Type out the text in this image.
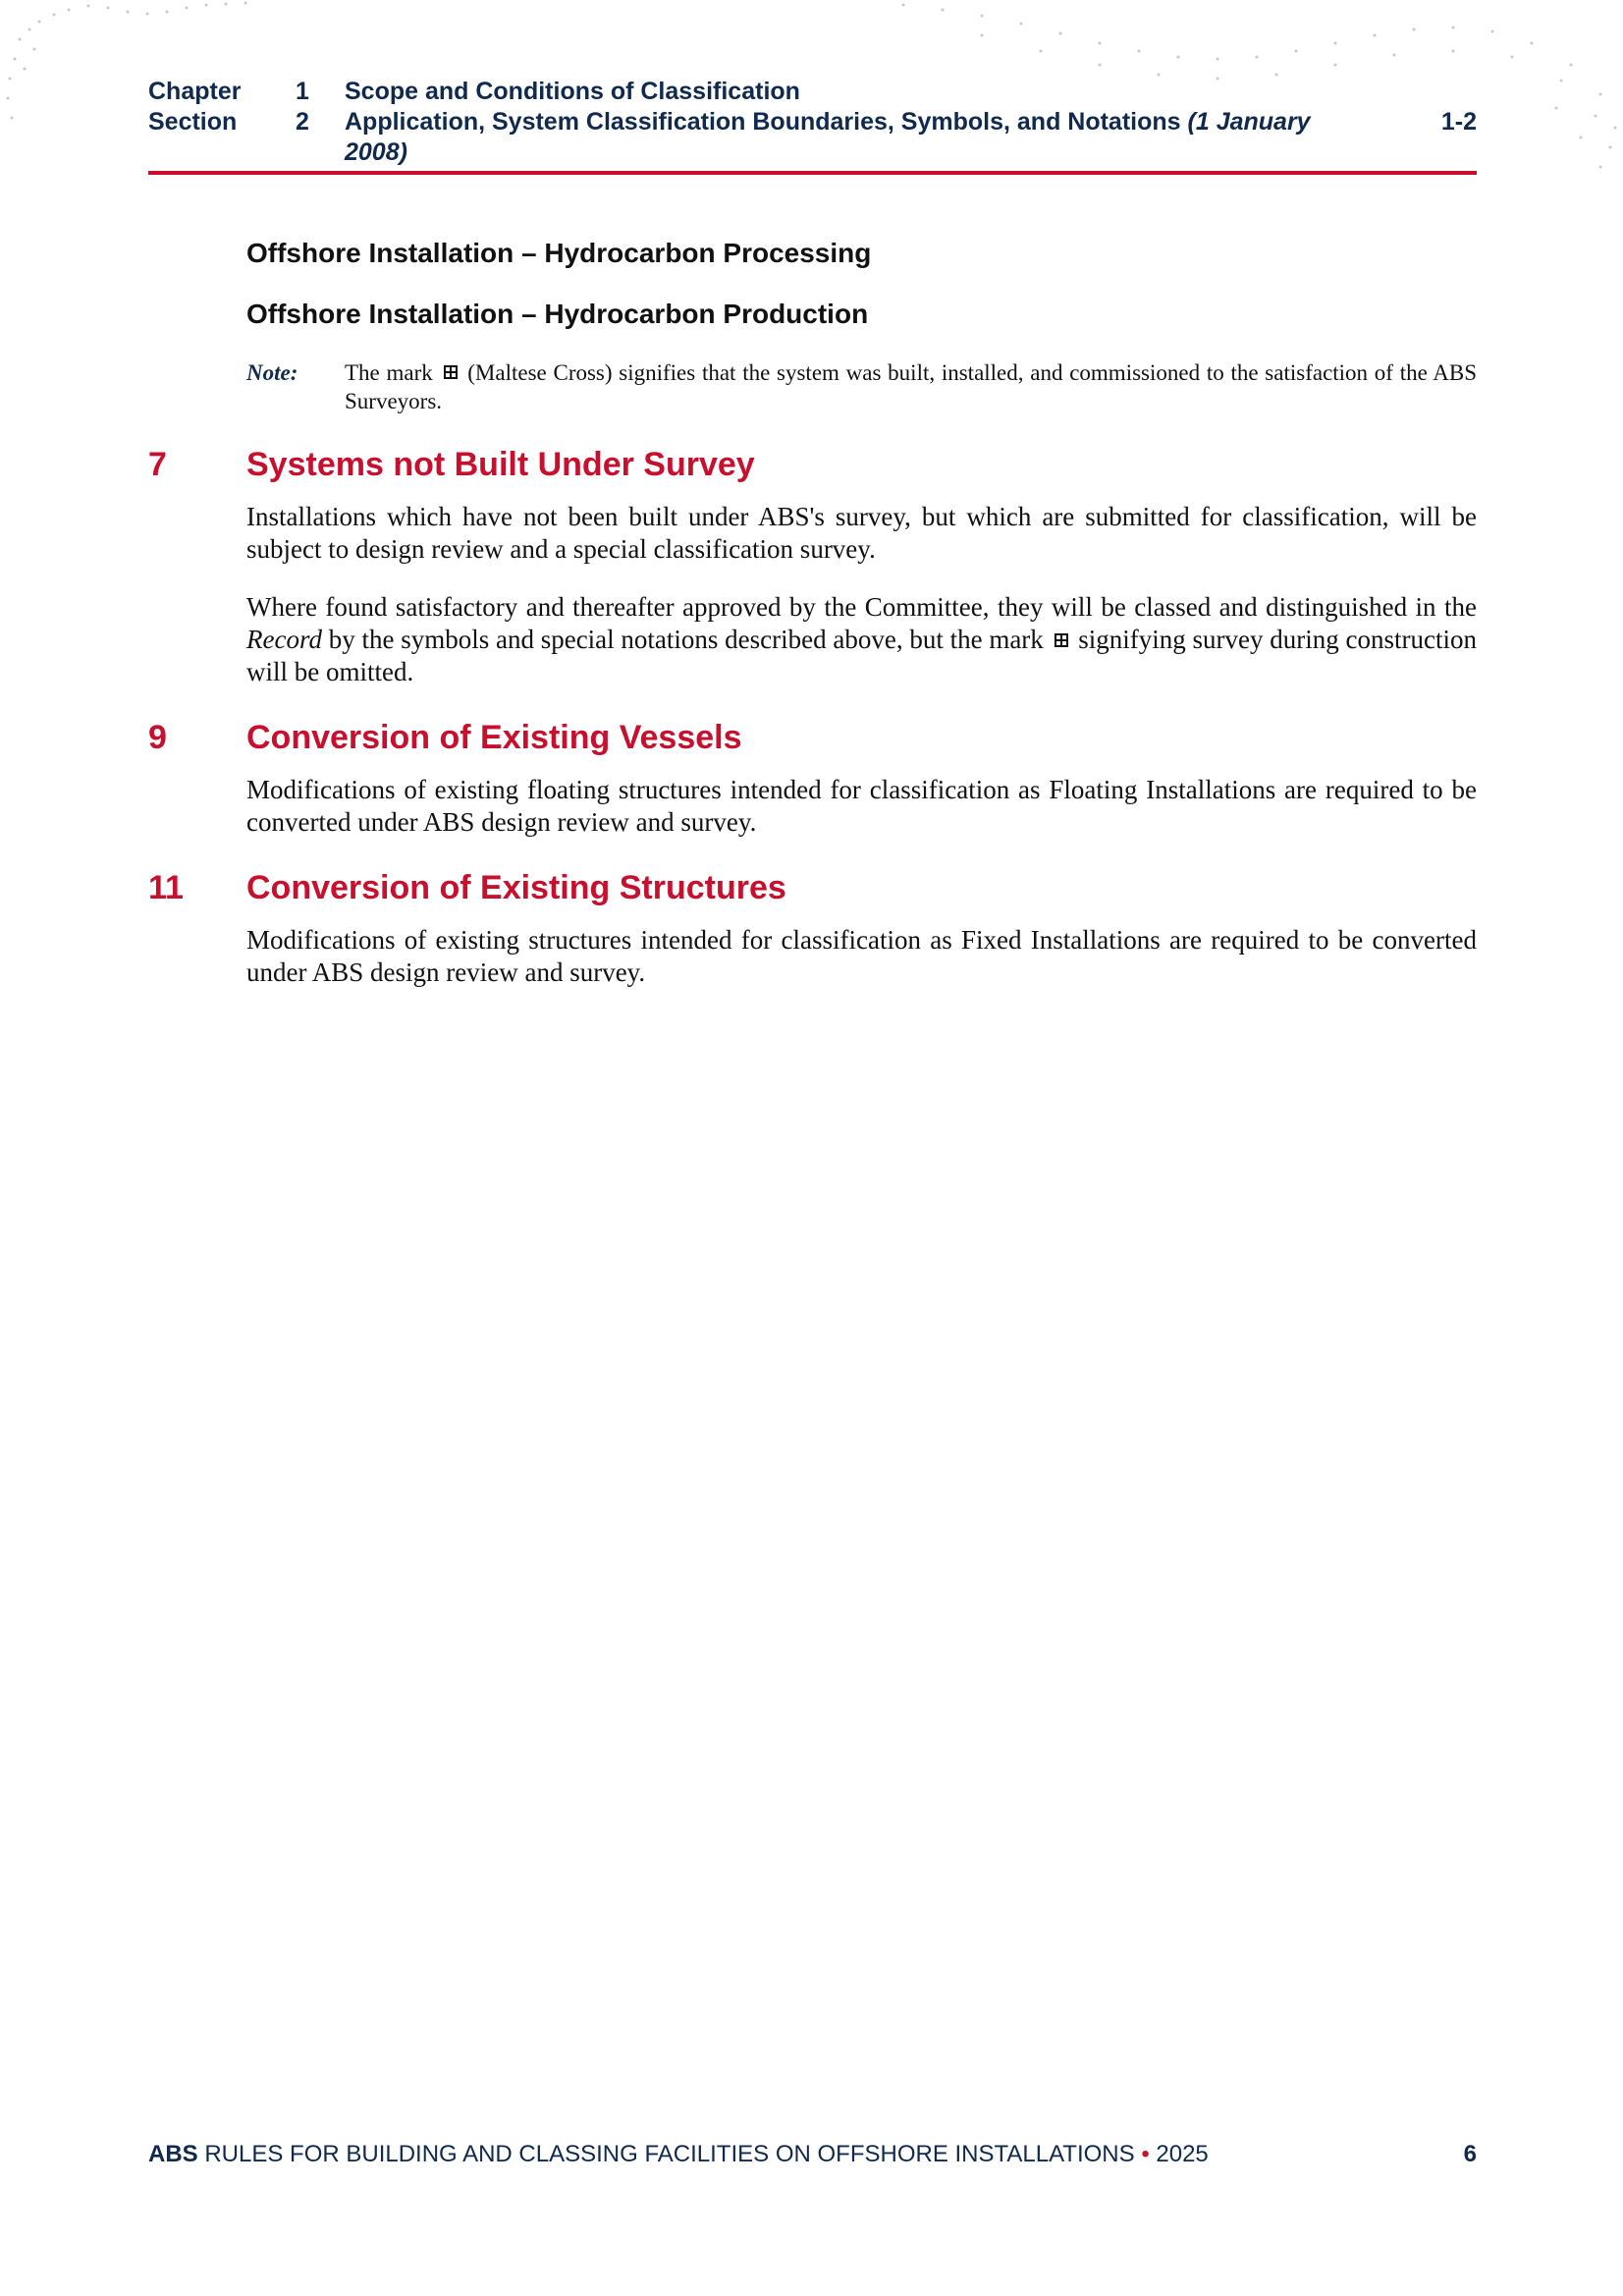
Chapter 1 Scope and Conditions of Classification
Section 2 Application, System Classification Boundaries, Symbols, and Notations (1 January 2008)
1-2
Offshore Installation – Hydrocarbon Processing
Offshore Installation – Hydrocarbon Production
Note:	The mark (Maltese Cross) signifies that the system was built, installed, and commissioned to the satisfaction of the ABS Surveyors.
7	Systems not Built Under Survey
Installations which have not been built under ABS's survey, but which are submitted for classification, will be subject to design review and a special classification survey.
Where found satisfactory and thereafter approved by the Committee, they will be classed and distinguished in the Record by the symbols and special notations described above, but the mark signifying survey during construction will be omitted.
9	Conversion of Existing Vessels
Modifications of existing floating structures intended for classification as Floating Installations are required to be converted under ABS design review and survey.
11	Conversion of Existing Structures
Modifications of existing structures intended for classification as Fixed Installations are required to be converted under ABS design review and survey.
ABS RULES FOR BUILDING AND CLASSING FACILITIES ON OFFSHORE INSTALLATIONS • 2025	6
